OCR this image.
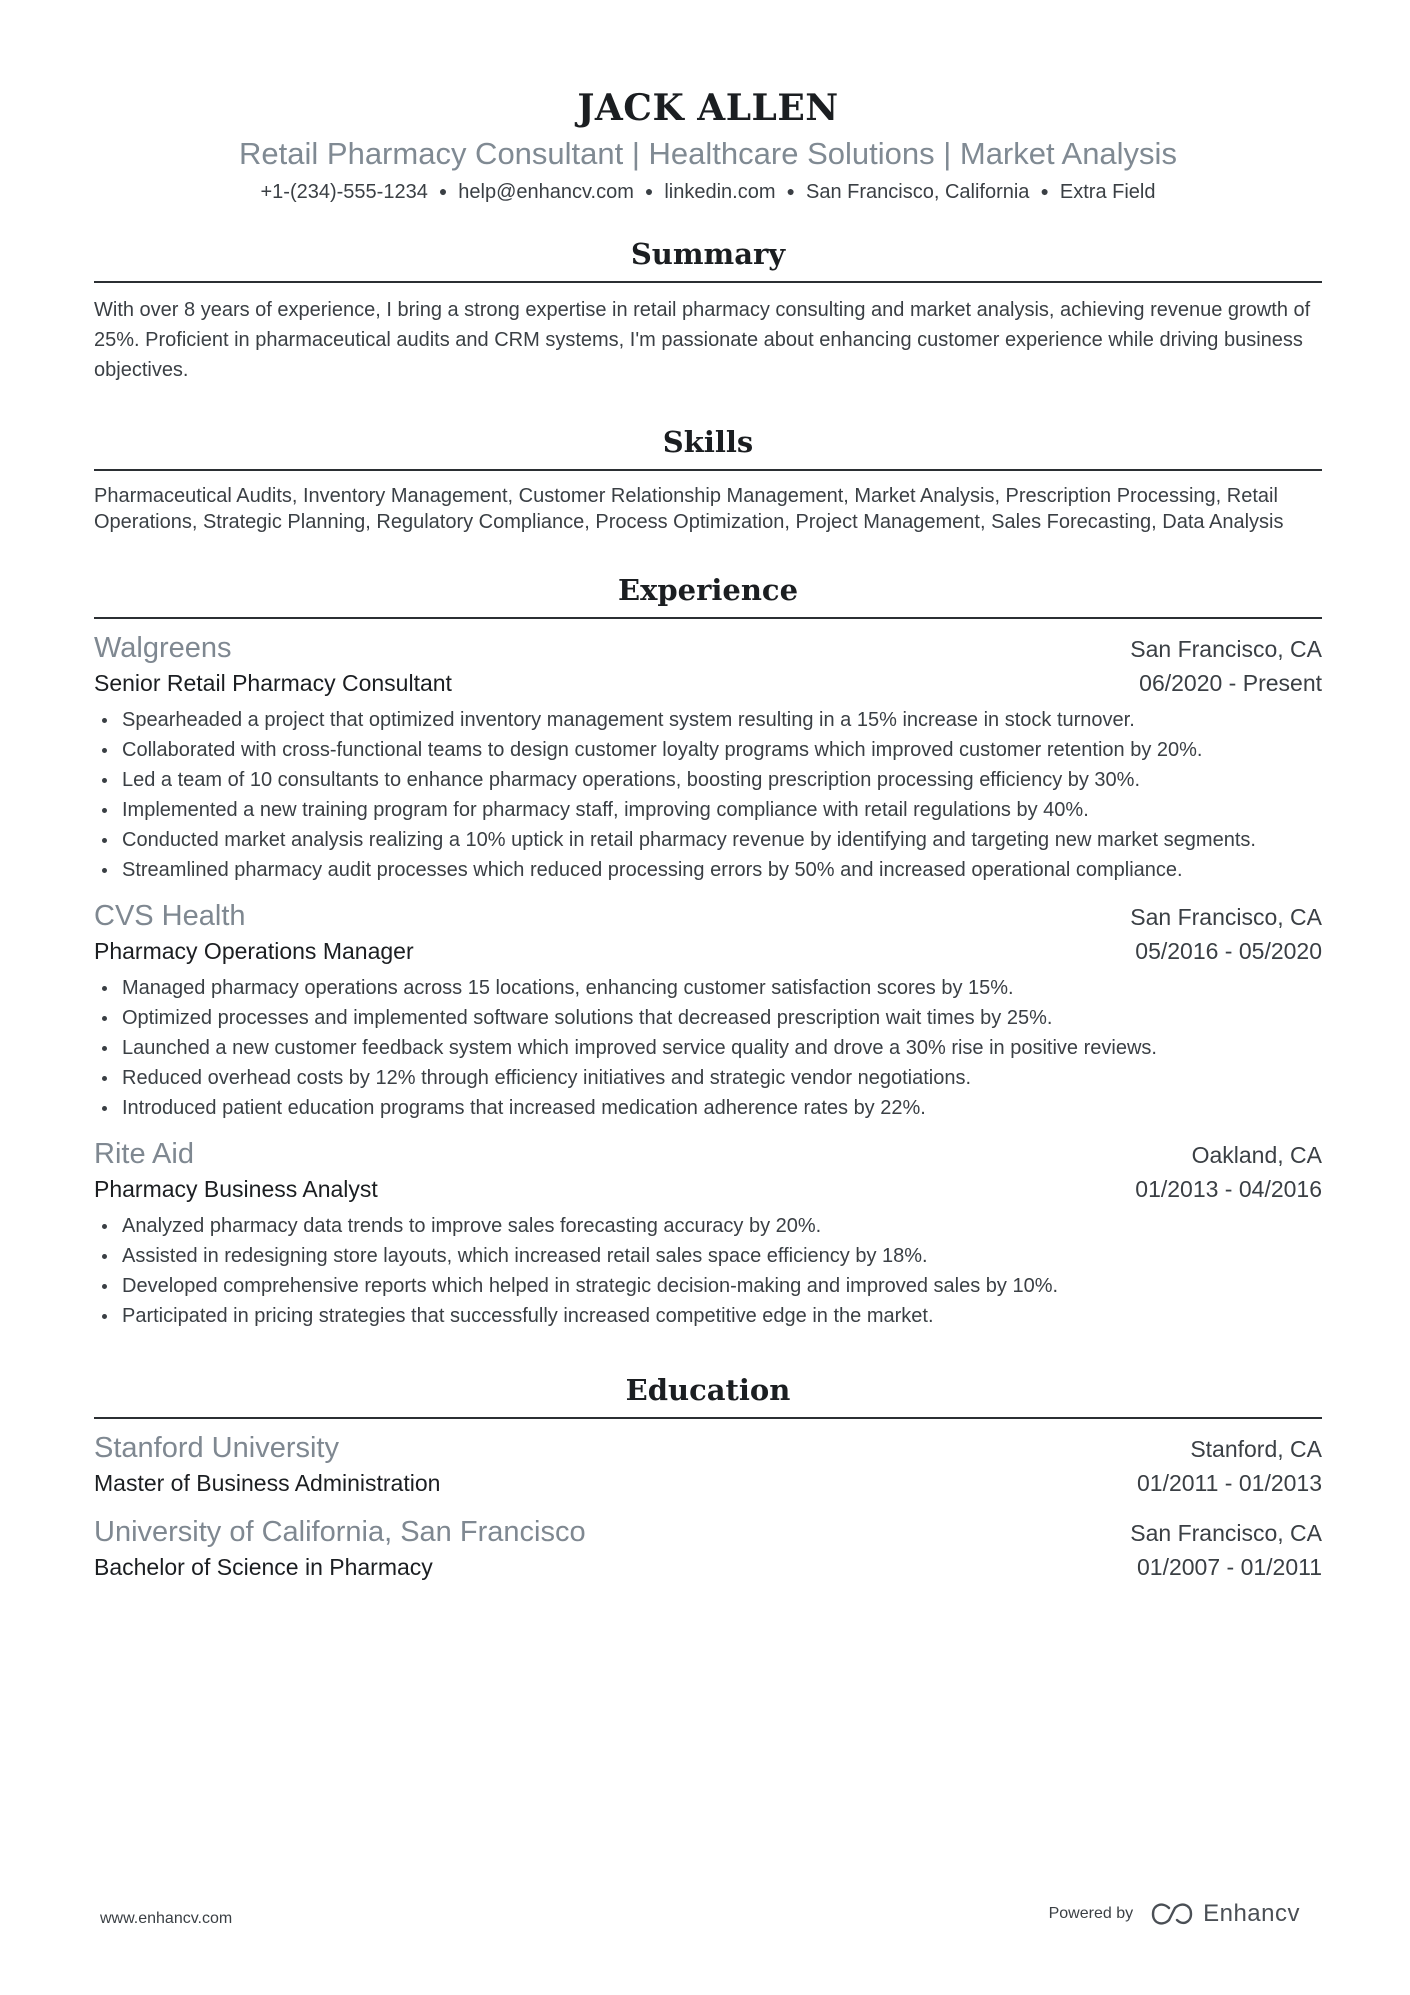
JACK ALLEN
Retail Pharmacy Consultant | Healthcare Solutions | Market Analysis
+1-(234)-555-1234 ● help@enhancv.com ● linkedin.com ● San Francisco, California ● Extra Field
Summary
With over 8 years of experience, I bring a strong expertise in retail pharmacy consulting and market analysis, achieving revenue growth of 25%. Proficient in pharmaceutical audits and CRM systems, I'm passionate about enhancing customer experience while driving business objectives.
Skills
Pharmaceutical Audits, Inventory Management, Customer Relationship Management, Market Analysis, Prescription Processing, Retail Operations, Strategic Planning, Regulatory Compliance, Process Optimization, Project Management, Sales Forecasting, Data Analysis
Experience
Walgreens	San Francisco, CA
Senior Retail Pharmacy Consultant	06/2020 - Present
Spearheaded a project that optimized inventory management system resulting in a 15% increase in stock turnover.
Collaborated with cross-functional teams to design customer loyalty programs which improved customer retention by 20%.
Led a team of 10 consultants to enhance pharmacy operations, boosting prescription processing efficiency by 30%.
Implemented a new training program for pharmacy staff, improving compliance with retail regulations by 40%.
Conducted market analysis realizing a 10% uptick in retail pharmacy revenue by identifying and targeting new market segments.
Streamlined pharmacy audit processes which reduced processing errors by 50% and increased operational compliance.
CVS Health	San Francisco, CA
Pharmacy Operations Manager	05/2016 - 05/2020
Managed pharmacy operations across 15 locations, enhancing customer satisfaction scores by 15%.
Optimized processes and implemented software solutions that decreased prescription wait times by 25%.
Launched a new customer feedback system which improved service quality and drove a 30% rise in positive reviews.
Reduced overhead costs by 12% through efficiency initiatives and strategic vendor negotiations.
Introduced patient education programs that increased medication adherence rates by 22%.
Rite Aid	Oakland, CA
Pharmacy Business Analyst	01/2013 - 04/2016
Analyzed pharmacy data trends to improve sales forecasting accuracy by 20%.
Assisted in redesigning store layouts, which increased retail sales space efficiency by 18%.
Developed comprehensive reports which helped in strategic decision-making and improved sales by 10%.
Participated in pricing strategies that successfully increased competitive edge in the market.
Education
Stanford University	Stanford, CA
Master of Business Administration	01/2011 - 01/2013
University of California, San Francisco	San Francisco, CA
Bachelor of Science in Pharmacy	01/2007 - 01/2011
www.enhancv.com	Powered by	Enhancv
